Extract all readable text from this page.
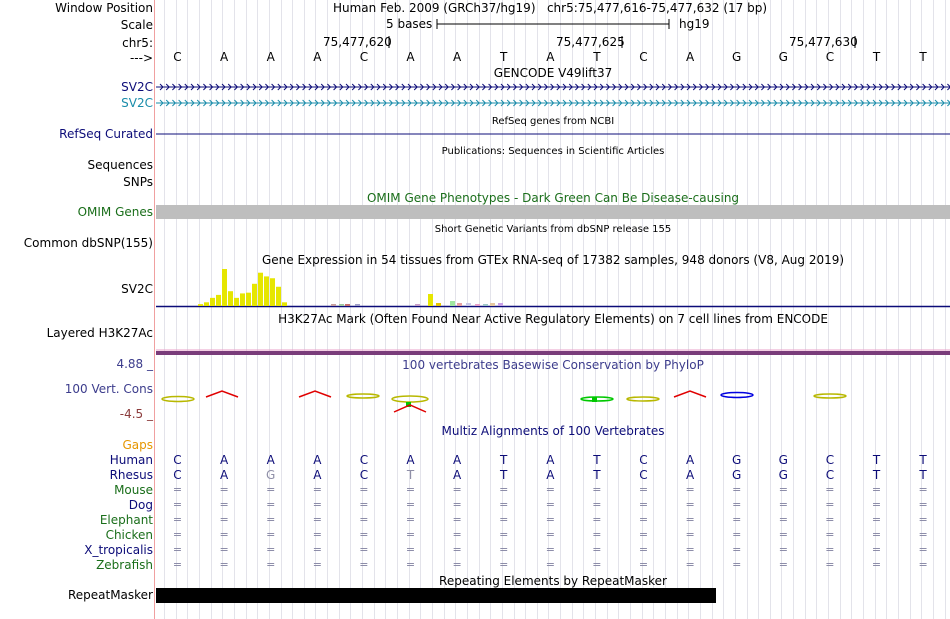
Window Position	Human Feb. 2009 (GRCh37/hg19)   chr5:75,477,616-75,477,632 (17 bp)
Scale	5 bases	hg19
chr5:	75,477,620	75,477,625	75,477,630
--->	C	A	A	A	C	A	A	T	A	T	C	A	G	G	C	T	T
GENCODE V49lift37
SV2C
SV2C
RefSeq genes from NCBI
RefSeq Curated
Publications: Sequences in Scientific Articles
Sequences
SNPs
OMIM Gene Phenotypes - Dark Green Can Be Disease-causing
OMIM Genes
Short Genetic Variants from dbSNP release 155
Common dbSNP(155)
Gene Expression in 54 tissues from GTEx RNA-seq of 17382 samples, 948 donors (V8, Aug 2019)
SV2C
H3K27Ac Mark (Often Found Near Active Regulatory Elements) on 7 cell lines from ENCODE
Layered H3K27Ac
100 vertebrates Basewise Conservation by PhyloP
4.88 _
100 Vert. Cons
-4.5 _
Gaps
Multiz Alignments of 100 Vertebrates
Human	C	A	A	A	C	A	A	T	A	T	C	A	G	G	C	T	T
Rhesus	C	A	G	A	C	T	A	T	A	T	C	A	G	G	C	T	T
Mouse	=	=	=	=	=	=	=	=	=	=	=	=	=	=	=	=	=
Dog	=	=	=	=	=	=	=	=	=	=	=	=	=	=	=	=	=
Elephant	=	=	=	=	=	=	=	=	=	=	=	=	=	=	=	=	=
Chicken	=	=	=	=	=	=	=	=	=	=	=	=	=	=	=	=	=
X_tropicalis	=	=	=	=	=	=	=	=	=	=	=	=	=	=	=	=	=
Zebrafish	=	=	=	=	=	=	=	=	=	=	=	=	=	=	=	=	=
Repeating Elements by RepeatMasker
RepeatMasker
